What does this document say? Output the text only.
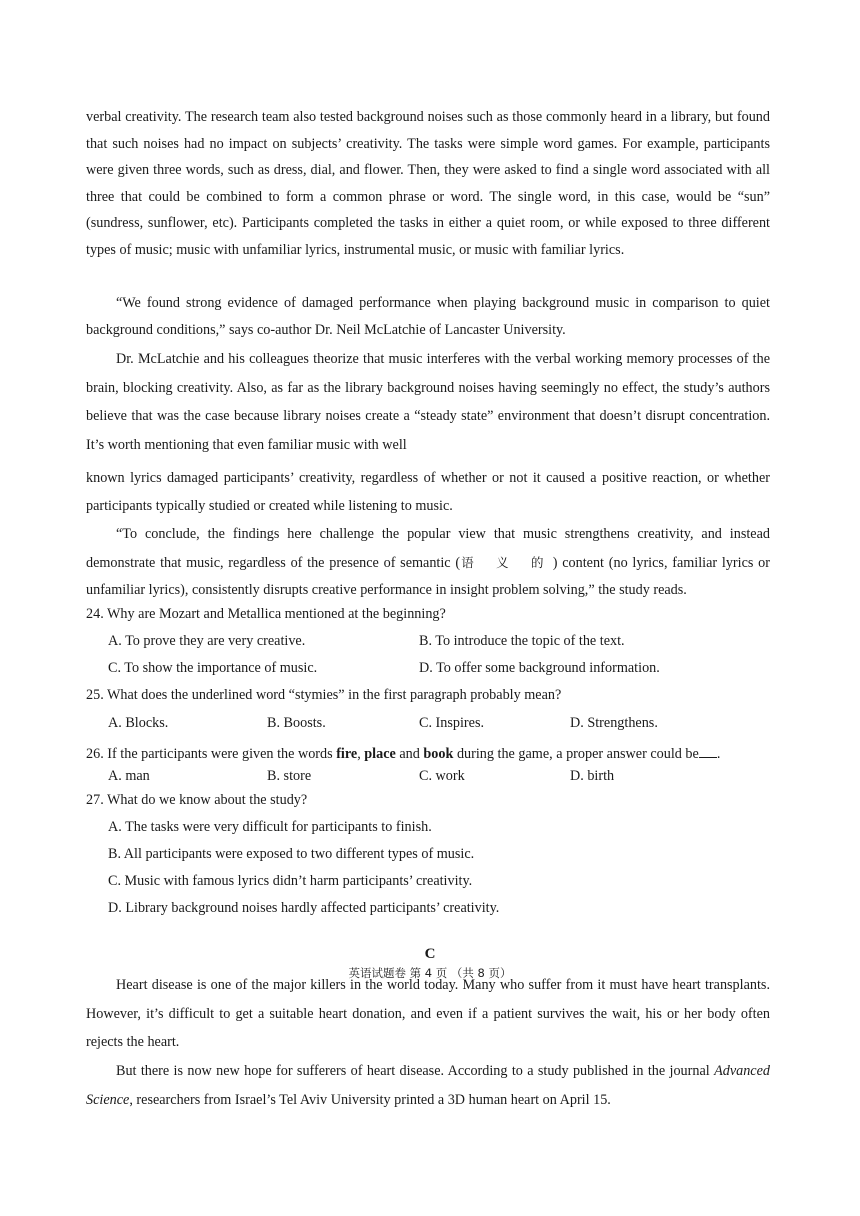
verbal creativity. The research team also tested background noises such as those commonly heard in a library, but found that such noises had no impact on subjects’ creativity. The tasks were simple word games. For example, participants were given three words, such as dress, dial, and flower. Then, they were asked to find a single word associated with all three that could be combined to form a common phrase or word. The single word, in this case, would be “sun” (sundress, sunflower, etc). Participants completed the tasks in either a quiet room, or while exposed to three different types of music; music with unfamiliar lyrics, instrumental music, or music with familiar lyrics.

“We found strong evidence of damaged performance when playing background music in comparison to quiet background conditions,” says co-author Dr. Neil McLatchie of Lancaster University.

Dr. McLatchie and his colleagues theorize that music interferes with the verbal working memory processes of the brain, blocking creativity. Also, as far as the library background noises having seemingly no effect, the study’s authors believe that was the case because library noises create a “steady state” environment that doesn’t disrupt concentration. It’s worth mentioning that even familiar music with well

known lyrics damaged participants’ creativity, regardless of whether or not it caused a positive reaction, or whether participants typically studied or created while listening to music.

“To conclude, the findings here challenge the popular view that music strengthens creativity, and instead demonstrate that music, regardless of the presence of semantic (语 义 的) content (no lyrics, familiar lyrics or unfamiliar lyrics), consistently disrupts creative performance in insight problem solving,” the study reads.

24. Why are Mozart and Metallica mentioned at the beginning?

A. To prove they are very creative.	B. To introduce the topic of the text.

C. To show the importance of music.	D. To offer some background information.

25. What does the underlined word “stymies” in the first paragraph probably mean?

A. Blocks.	B. Boosts.	C. Inspires.	D. Strengthens.

26. If the participants were given the words fire, place and book during the game, a proper answer could be .

A. man	B. store	C. work	D. birth

27. What do we know about the study?

A. The tasks were very difficult for participants to finish.

B. All participants were exposed to two different types of music.

C. Music with famous lyrics didn’t harm participants’ creativity.

D. Library background noises hardly affected participants’ creativity.

C

英语试题卷 第 4 页 （共 8 页）

Heart disease is one of the major killers in the world today. Many who suffer from it must have heart transplants. However, it’s difficult to get a suitable heart donation, and even if a patient survives the wait, his or her body often rejects the heart.

But there is now new hope for sufferers of heart disease. According to a study published in the journal Advanced Science, researchers from Israel’s Tel Aviv University printed a 3D human heart on April 15.
